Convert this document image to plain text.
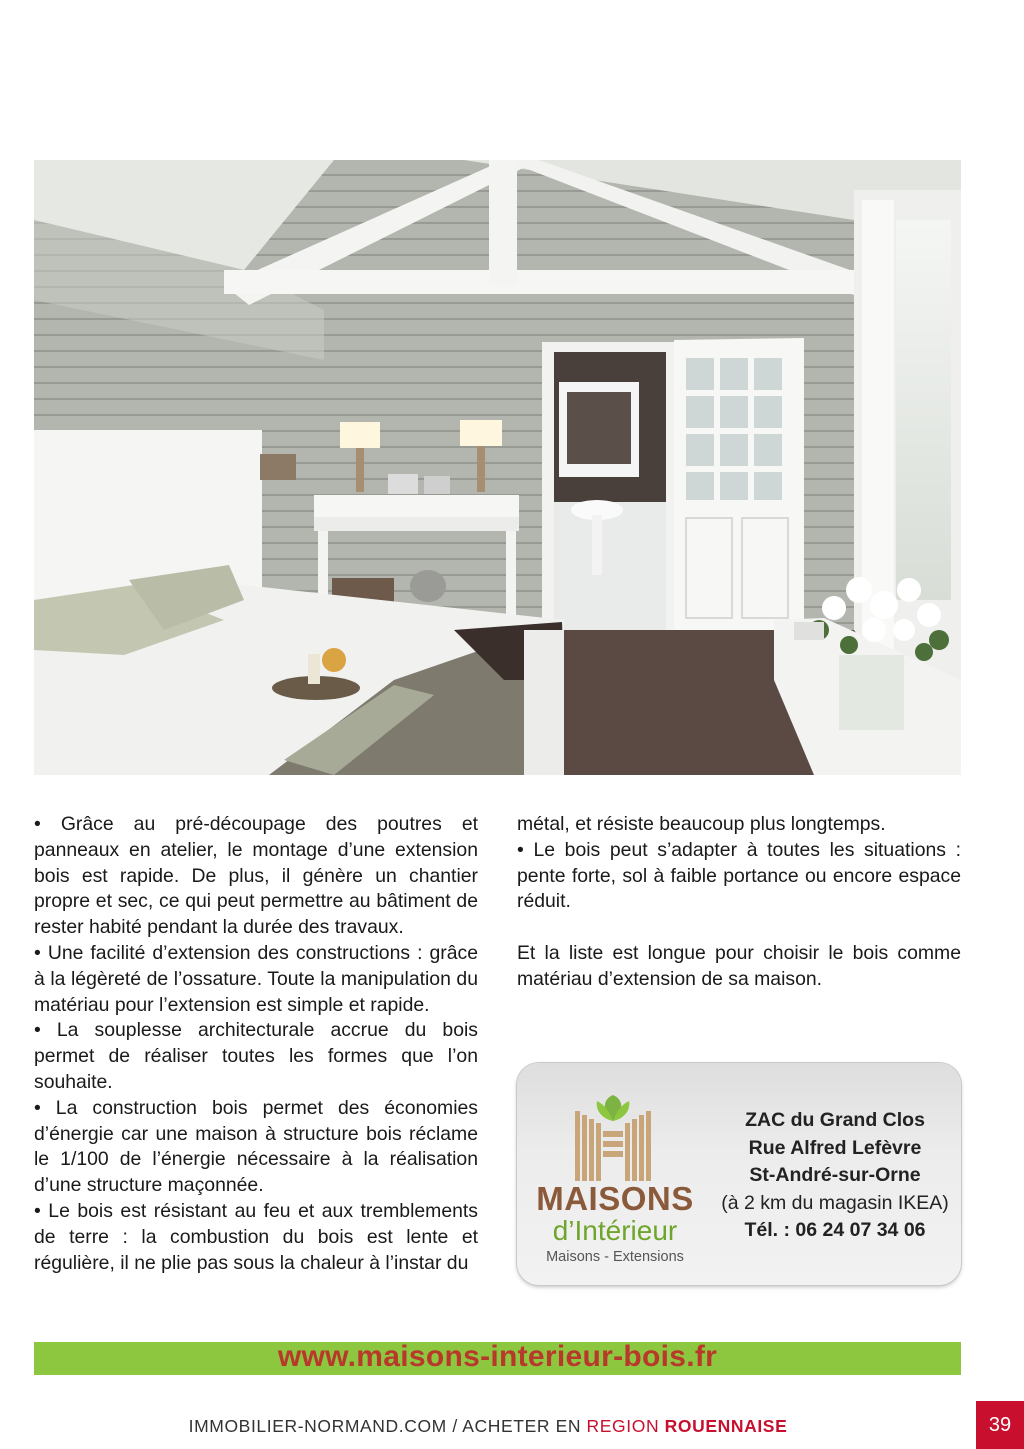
• Grâce au pré-découpage des poutres et panneaux en atelier, le montage d’une extension bois est rapide. De plus, il génère un chantier propre et sec, ce qui peut permettre au bâtiment de rester habité pendant la durée des travaux.

• Une facilité d’extension des constructions : grâce à la légèreté de l’ossature. Toute la manipulation du matériau pour l’extension est simple et rapide.

• La souplesse architecturale accrue du bois permet de réaliser toutes les formes que l’on souhaite.

• La construction bois permet des économies d’énergie car une maison à structure bois réclame le 1/100 de l’énergie nécessaire à la réalisation d’une structure maçonnée.

• Le bois est résistant au feu et aux tremblements de terre : la combustion du bois est lente et régulière, il ne plie pas sous la chaleur à l’instar du

métal, et résiste beaucoup plus longtemps.

• Le bois peut s’adapter à toutes les situations : pente forte, sol à faible portance ou encore espace réduit.

Et la liste est longue pour choisir le bois comme matériau d’extension de sa maison.

MAISONS
d’Intérieur
Maisons - Extensions
ZAC du Grand Clos
Rue Alfred Lefèvre
St-André-sur-Orne
(à 2 km du magasin IKEA)
Tél. : 06 24 07 34 06
www.maisons-interieur-bois.fr
IMMOBILIER-NORMAND.COM / ACHETER EN REGION ROUENNAISE	39
